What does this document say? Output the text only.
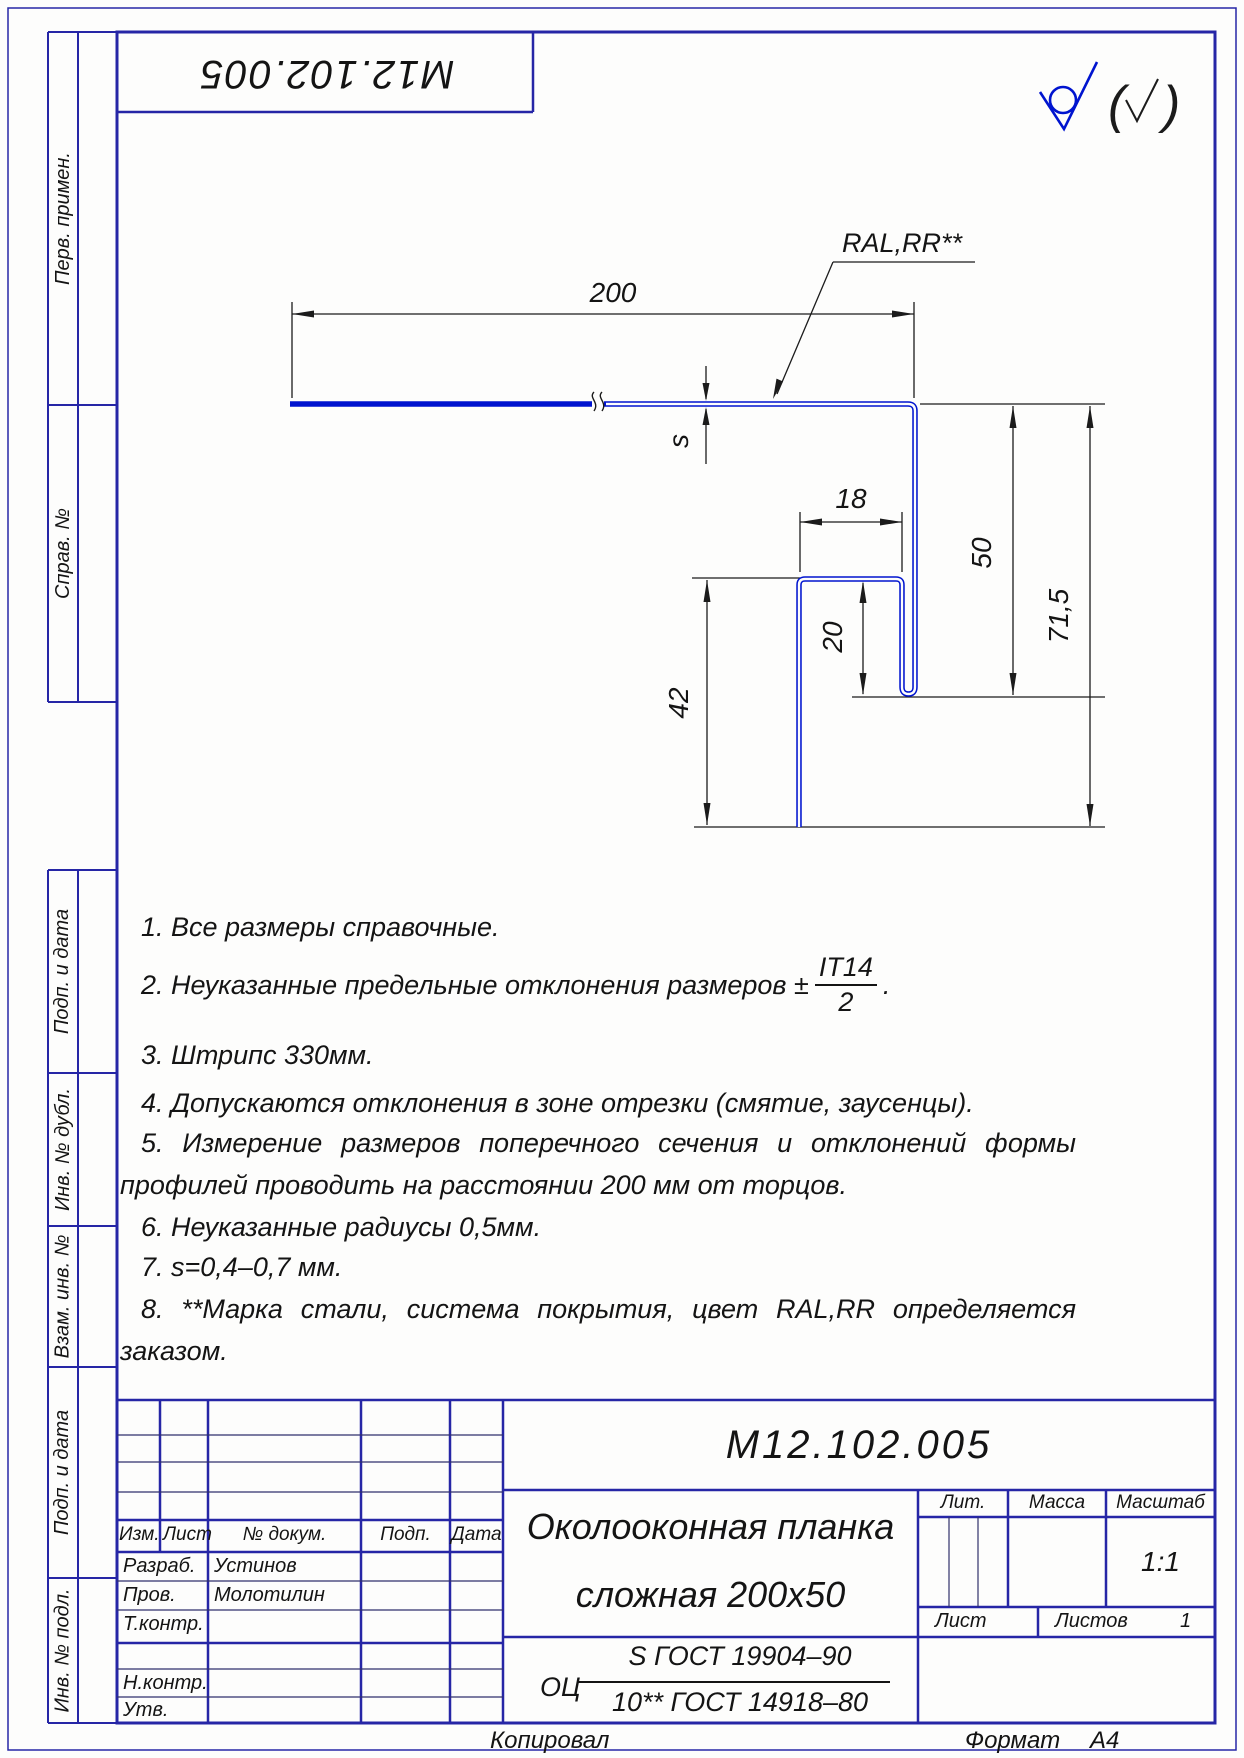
( )
200
s
18
20
50
71,5
42
RAL,RR**
М12.102.005
Перв. примен.
Справ. №
Подп. и дата
Инв. № дубл.
Взам. инв. №
Подп. и дата
Инв. № подл.
1. Все размеры справочные.
2. Неуказанные предельные отклонения размеров ± $\frac{IT14}{2}$ .
3. Штрипс 330мм.
4. Допускаются отклонения в зоне отрезки (смятие, заусенцы).
5. Измерение размеров поперечного сечения и отклонений формы
профилей проводить на расстоянии 200 мм от торцов.
6. Неуказанные радиусы 0,5мм.
7. s=0,4–0,7 мм.
8. **Марка стали, система покрытия, цвет RAL,RR определяется
заказом.
Изм. Лист	№ докум.	Подп.	Дата
Разраб. Устинов
Пров. Молотилин
Т.контр.
Н.контр.
Утв.
М12.102.005
Околооконная планка
сложная 200х50
ОЦ
S ГОСТ 19904–90
10** ГОСТ 14918–80
Лит.	Масса	Масштаб
1:1
Лист	Листов	1
Копировал	Формат А4
